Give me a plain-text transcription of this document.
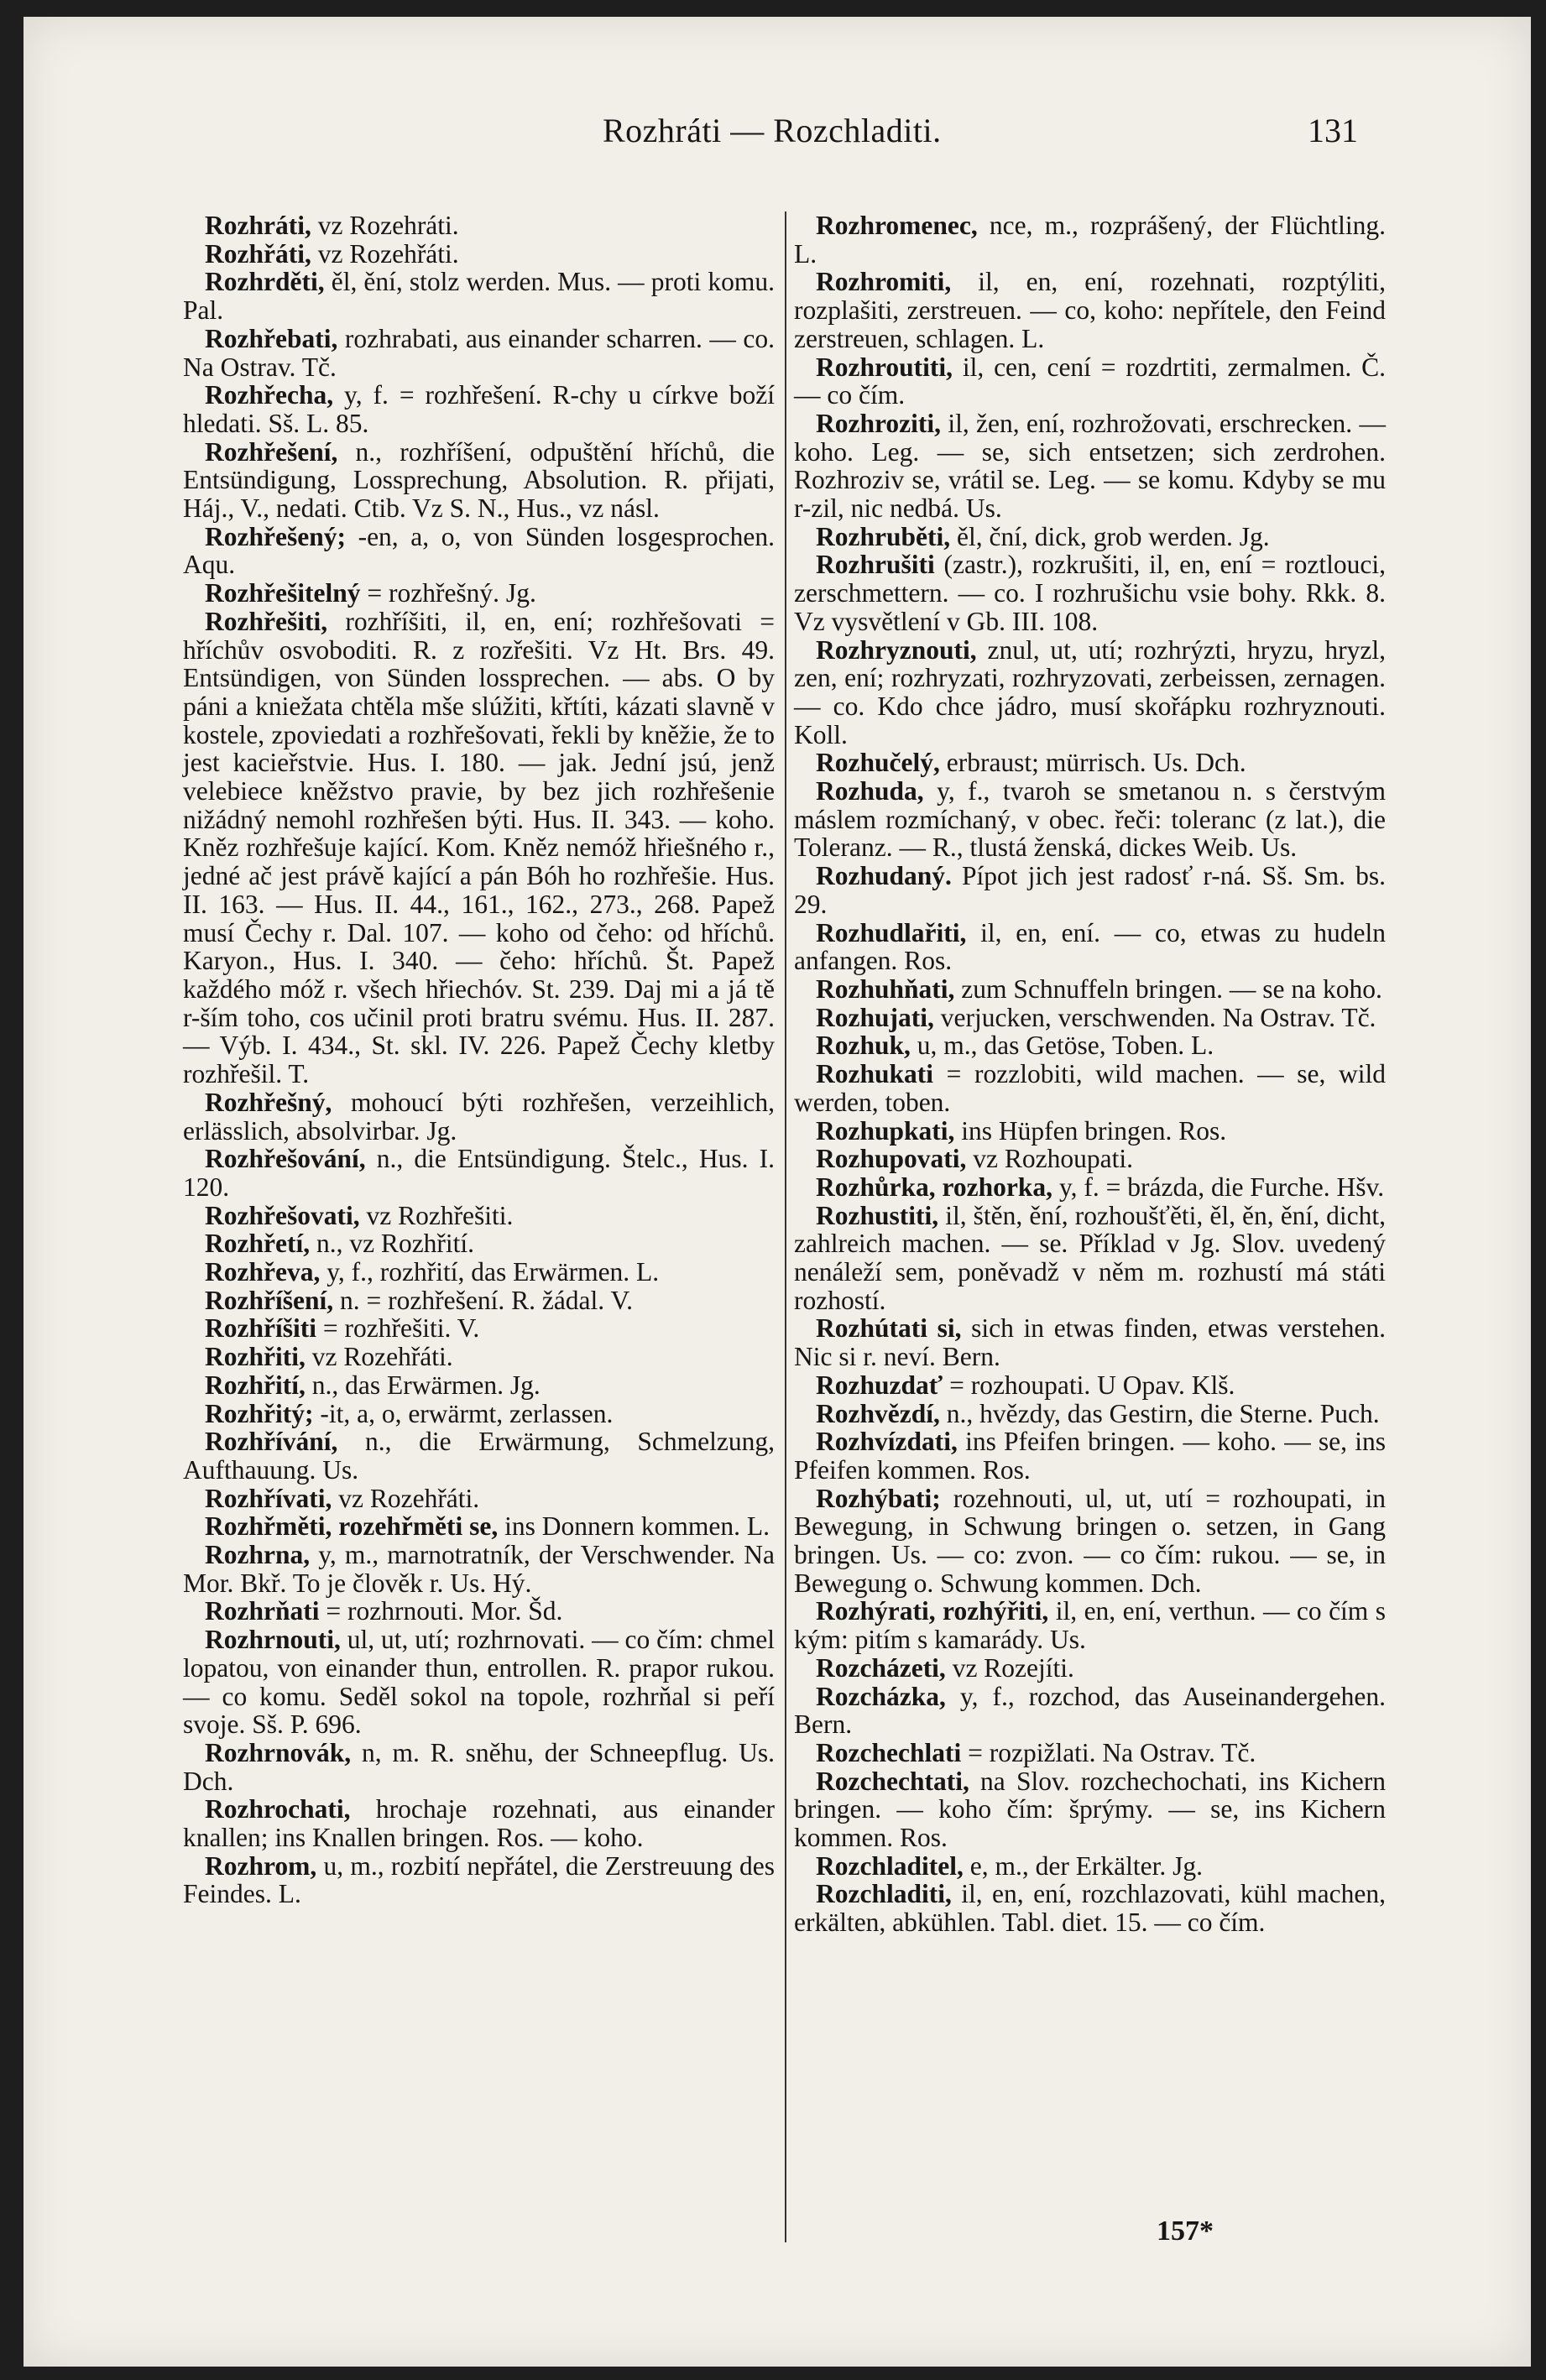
Rozhráti — Rozchladiti.	131

Rozhráti, vz Rozehráti.

Rozhřáti, vz Rozehřáti.

Rozhrděti, ěl, ění, stolz werden. Mus. — proti komu. Pal.

Rozhřebati, rozhrabati, aus einander scharren. — co. Na Ostrav. Tč.

Rozhřecha, y, f. = rozhřešení. R-chy u církve boží hledati. Sš. L. 85.

Rozhřešení, n., rozhříšení, odpuštění hříchů, die Entsündigung, Lossprechung, Absolution. R. přijati, Háj., V., nedati. Ctib. Vz S. N., Hus., vz násl.

Rozhřešený; -en, a, o, von Sünden losgesprochen. Aqu.

Rozhřešitelný = rozhřešný. Jg.

Rozhřešiti, rozhříšiti, il, en, ení; rozhřešovati = hříchův osvoboditi. R. z rozřešiti. Vz Ht. Brs. 49. Entsündigen, von Sünden lossprechen. — abs. O by páni a kniežata chtěla mše slúžiti, křtíti, kázati slavně v kostele, zpoviedati a rozhřešovati, řekli by kněžie, že to jest kacieřstvie. Hus. I. 180. — jak. Jední jsú, jenž velebiece kněžstvo pravie, by bez jich rozhřešenie nižádný nemohl rozhřešen býti. Hus. II. 343. — koho. Kněz rozhřešuje kající. Kom. Kněz nemóž hřiešného r., jedné ač jest právě kající a pán Bóh ho rozhřešie. Hus. II. 163. — Hus. II. 44., 161., 162., 273., 268. Papež musí Čechy r. Dal. 107. — koho od čeho: od hříchů. Karyon., Hus. I. 340. — čeho: hříchů. Št. Papež každého móž r. všech hřiechóv. St. 239. Daj mi a já tě r-ším toho, cos učinil proti bratru svému. Hus. II. 287. — Výb. I. 434., St. skl. IV. 226. Papež Čechy kletby rozhřešil. T.

Rozhřešný, mohoucí býti rozhřešen, verzeihlich, erlässlich, absolvirbar. Jg.

Rozhřešování, n., die Entsündigung. Štelc., Hus. I. 120.

Rozhřešovati, vz Rozhřešiti.

Rozhřetí, n., vz Rozhřití.

Rozhřeva, y, f., rozhřití, das Erwärmen. L.

Rozhříšení, n. = rozhřešení. R. žádal. V.

Rozhříšiti = rozhřešiti. V.

Rozhřiti, vz Rozehřáti.

Rozhřití, n., das Erwärmen. Jg.

Rozhřitý; -it, a, o, erwärmt, zerlassen.

Rozhřívání, n., die Erwärmung, Schmelzung, Aufthauung. Us.

Rozhřívati, vz Rozehřáti.

Rozhřměti, rozehřměti se, ins Donnern kommen. L.

Rozhrna, y, m., marnotratník, der Verschwender. Na Mor. Bkř. To je člověk r. Us. Hý.

Rozhrňati = rozhrnouti. Mor. Šd.

Rozhrnouti, ul, ut, utí; rozhrnovati. — co čím: chmel lopatou, von einander thun, entrollen. R. prapor rukou. — co komu. Seděl sokol na topole, rozhrňal si peří svoje. Sš. P. 696.

Rozhrnovák, n, m. R. sněhu, der Schneepflug. Us. Dch.

Rozhrochati, hrochaje rozehnati, aus einander knallen; ins Knallen bringen. Ros. — koho.

Rozhrom, u, m., rozbití nepřátel, die Zerstreuung des Feindes. L.

Rozhromenec, nce, m., rozprášený, der Flüchtling. L.

Rozhromiti, il, en, ení, rozehnati, rozptýliti, rozplašiti, zerstreuen. — co, koho: nepřítele, den Feind zerstreuen, schlagen. L.

Rozhroutiti, il, cen, cení = rozdrtiti, zermalmen. Č. — co čím.

Rozhroziti, il, žen, ení, rozhrožovati, erschrecken. — koho. Leg. — se, sich entsetzen; sich zerdrohen. Rozhroziv se, vrátil se. Leg. — se komu. Kdyby se mu r-zil, nic nedbá. Us.

Rozhruběti, ěl, ční, dick, grob werden. Jg.

Rozhrušiti (zastr.), rozkrušiti, il, en, ení = roztlouci, zerschmettern. — co. I rozhrušichu vsie bohy. Rkk. 8. Vz vysvětlení v Gb. III. 108.

Rozhryznouti, znul, ut, utí; rozhrýzti, hryzu, hryzl, zen, ení; rozhryzati, rozhryzovati, zerbeissen, zernagen. — co. Kdo chce jádro, musí skořápku rozhryznouti. Koll.

Rozhučelý, erbraust; mürrisch. Us. Dch.

Rozhuda, y, f., tvaroh se smetanou n. s čerstvým máslem rozmíchaný, v obec. řeči: toleranc (z lat.), die Toleranz. — R., tlustá ženská, dickes Weib. Us.

Rozhudaný. Pípot jich jest radosť r-ná. Sš. Sm. bs. 29.

Rozhudlařiti, il, en, ení. — co, etwas zu hudeln anfangen. Ros.

Rozhuhňati, zum Schnuffeln bringen. — se na koho.

Rozhujati, verjucken, verschwenden. Na Ostrav. Tč.

Rozhuk, u, m., das Getöse, Toben. L.

Rozhukati = rozzlobiti, wild machen. — se, wild werden, toben.

Rozhupkati, ins Hüpfen bringen. Ros.

Rozhupovati, vz Rozhoupati.

Rozhůrka, rozhorka, y, f. = brázda, die Furche. Hšv.

Rozhustiti, il, štěn, ění, rozhoušťěti, ěl, ěn, ění, dicht, zahlreich machen. — se. Příklad v Jg. Slov. uvedený nenáleží sem, poněvadž v něm m. rozhustí má státi rozhostí.

Rozhútati si, sich in etwas finden, etwas verstehen. Nic si r. neví. Bern.

Rozhuzdať = rozhoupati. U Opav. Klš.

Rozhvězdí, n., hvězdy, das Gestirn, die Sterne. Puch.

Rozhvízdati, ins Pfeifen bringen. — koho. — se, ins Pfeifen kommen. Ros.

Rozhýbati; rozehnouti, ul, ut, utí = rozhoupati, in Bewegung, in Schwung bringen o. setzen, in Gang bringen. Us. — co: zvon. — co čím: rukou. — se, in Bewegung o. Schwung kommen. Dch.

Rozhýrati, rozhýřiti, il, en, ení, verthun. — co čím s kým: pitím s kamarády. Us.

Rozcházeti, vz Rozejíti.

Rozcházka, y, f., rozchod, das Auseinandergehen. Bern.

Rozchechlati = rozpižlati. Na Ostrav. Tč.

Rozchechtati, na Slov. rozchechochati, ins Kichern bringen. — koho čím: šprýmy. — se, ins Kichern kommen. Ros.

Rozchladitel, e, m., der Erkälter. Jg.

Rozchladiti, il, en, ení, rozchlazovati, kühl machen, erkälten, abkühlen. Tabl. diet. 15. — co čím.

157*
